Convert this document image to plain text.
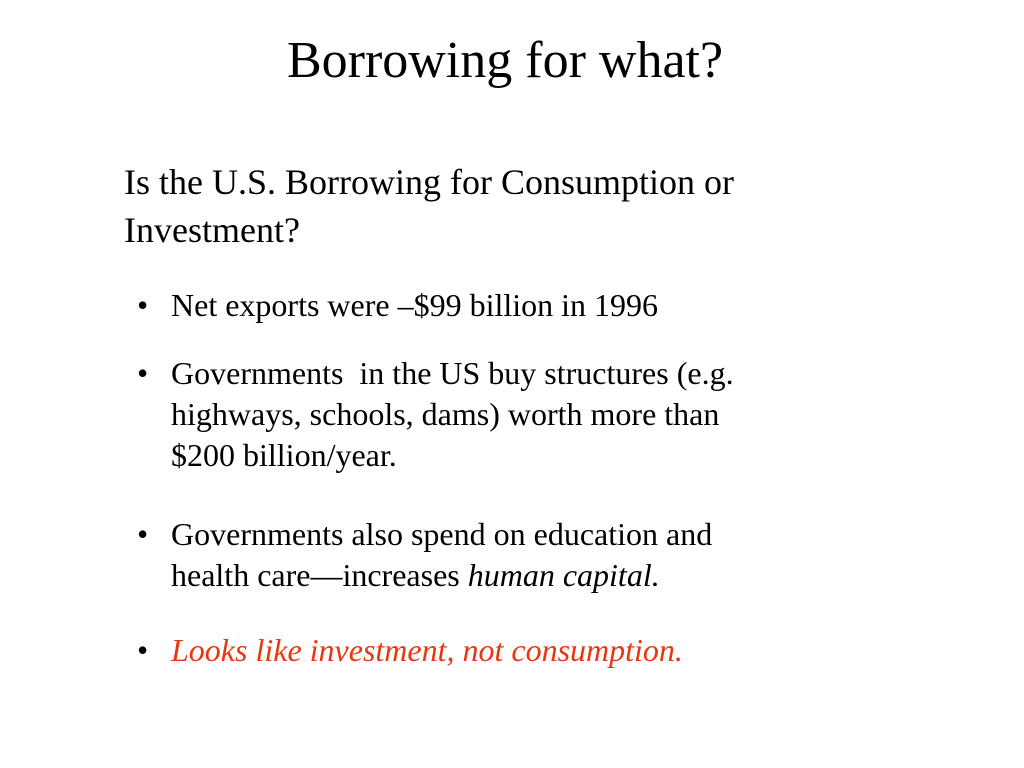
Borrowing for what?
Is the U.S. Borrowing for Consumption or
Investment?
• Net exports were –$99 billion in 1996
• Governments  in the US buy structures (e.g.
highways, schools, dams) worth more than
$200 billion/year.
• Governments also spend on education and
health care—increases human capital.
• Looks like investment, not consumption.
